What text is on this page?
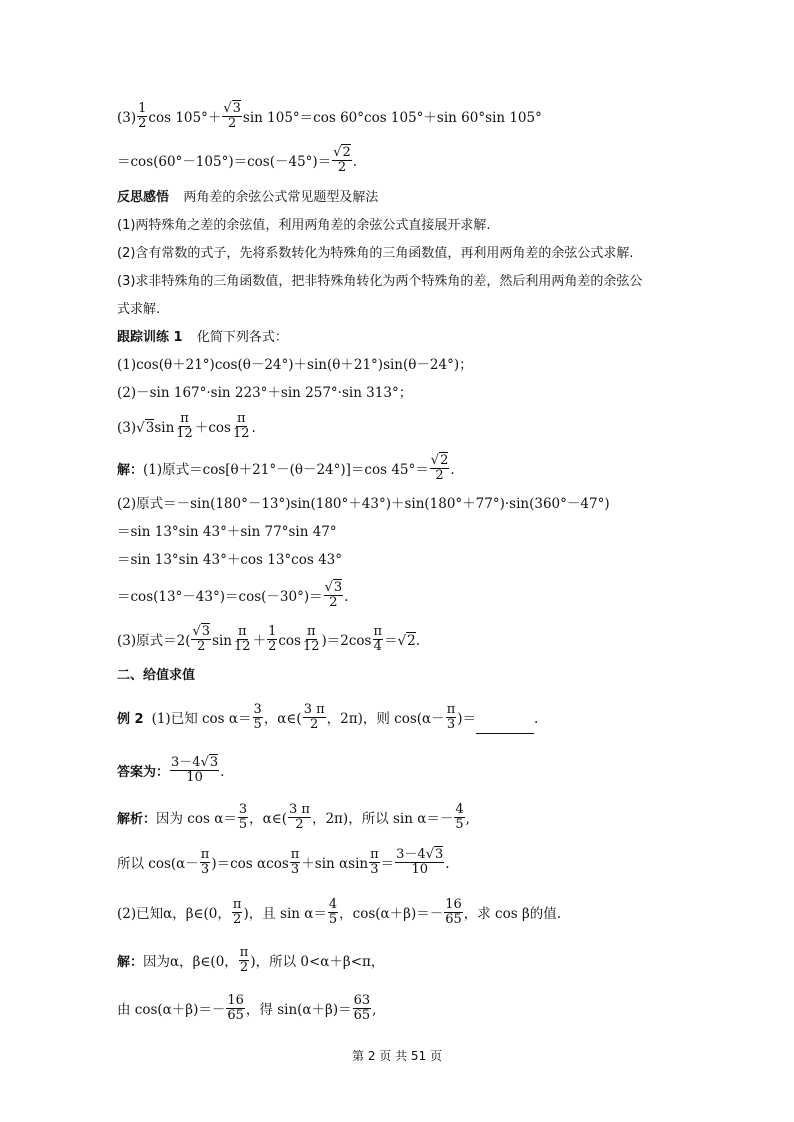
$(3) \frac{1}{2}$ $\cos 105^\circ+ \frac{√3}{2}$ sin 105°＝cos 60°cos 105°＋sin 60°sin 105°
$=\cos(60^\circ-105^\circ)=\cos(-45^\circ)= \frac{√2}{2}$ .
反思感悟 两角差的余弦公式常见题型及解法
(1)两特殊角之差的余弦值，利用两角差的余弦公式直接展开求解.
(2)含有常数的式子，先将系数转化为特殊角的三角函数值，再利用两角差的余弦公式求解.
(3)求非特殊角的三角函数值，把非特殊角转化为两个特殊角的差，然后利用两角差的余弦公
式求解.
跟踪训练 1 化简下列各式：
(1)cos(θ＋21°)cos(θ－24°)＋sin(θ＋21°)sin(θ－24°)；
(2)－sin 167°·sin 223°＋sin 257°·sin 313°；
$(3)√3\sin \frac{\pi}{12} +\cos \frac{\pi}{12}$ .
解：(1)原式＝cos[θ＋21°－(θ－24°)]＝cos $45^\circ= \frac{√2}{2}$ .
(2)原式＝－sin(180°－13°)sin(180°＋43°)＋sin(180°＋77°)·sin(360°－47°)
＝sin 13°sin 43°＋sin 77°sin 47°
＝sin 13°sin 43°＋cos 13°cos 43°
$=\cos(13^\circ-43^\circ)=\cos(-30^\circ)= \frac{√3}{2}$ .
(3)原式$=2( \frac{√3}{2}$ $\sin \frac{\pi}{12} + \frac{1}{2}$ $\cos \frac{\pi}{12} )=2\cos \frac{\pi}{4} =√2$.
二、给值求值
例 2 (1)已知 $\cos \alpha= \frac{3}{5}$ ，α∈( $\frac{3 \pi}{2}$ ，2π)，则 $\cos(\alpha- \frac{\pi}{3}$ )＝	.
答案为： $\frac{3-4√3}{10}$ .
解析：因为 $\cos \alpha= \frac{3}{5}$ ，α∈( $\frac{3 \pi}{2}$ ，2π)，所以 $\sin \alpha=- \frac{4}{5}$ ,
所以 $\cos(\alpha- \frac{\pi}{3} )=\cos$ αcos $\frac{\pi}{3} +\sin$ αsin $\frac{\pi}{3} = \frac{3-4√3}{10}$ .
(2)已知α，β∈(0， $\frac{\pi}{2}$ )，且 $\sin \alpha= \frac{4}{5}$ ，$\cos(\alpha+\beta)=- \frac{16}{65}$ ，求 cos β的值.
解：因为α，β∈(0， $\frac{\pi}{2}$ )，所以 0<α＋β<π，
由 $\cos(\alpha+\beta)=- \frac{16}{65}$ ，得 $\sin(\alpha+\beta)= \frac{63}{65}$ ,
第 2 页 共 51 页
